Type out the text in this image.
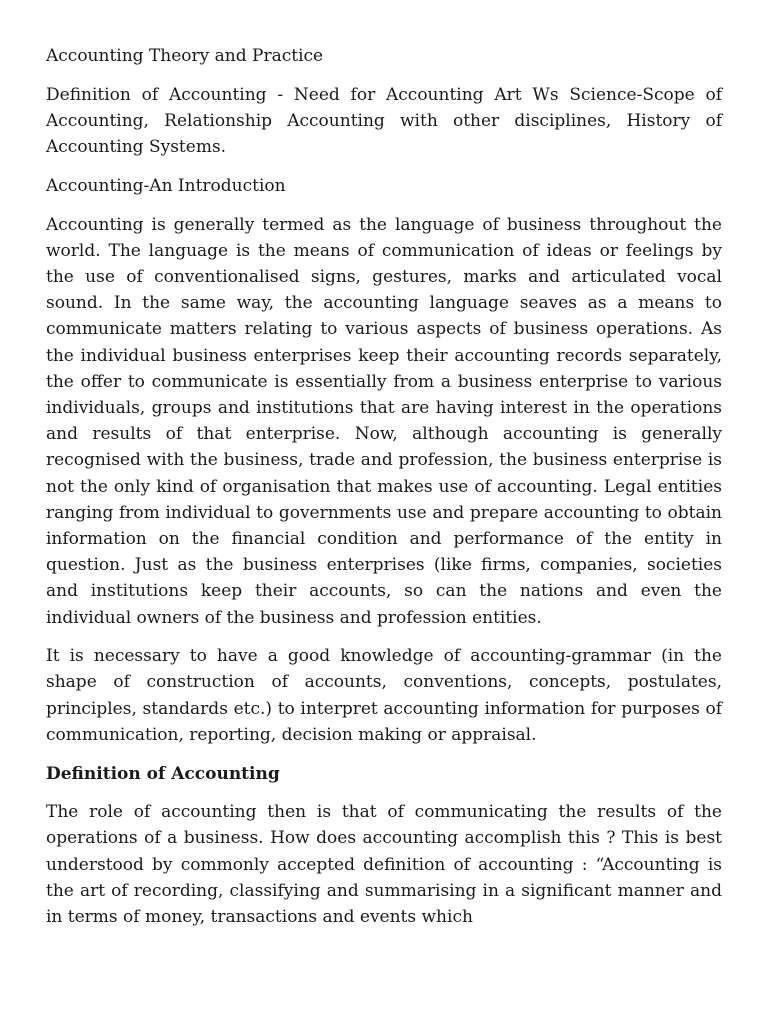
Accounting Theory and Practice

Definition of Accounting - Need for Accounting Art Ws Science-Scope of Accounting, Relationship Accounting with other disciplines, History of Accounting Systems.

Accounting-An Introduction

Accounting is generally termed as the language of business throughout the world. The language is the means of communication of ideas or feelings by the use of conventionalised signs, gestures, marks and articulated vocal sound. In the same way, the accounting language seaves as a means to communicate matters relating to various aspects of business operations. As the individual business enterprises keep their accounting records separately, the offer to communicate is essentially from a business enterprise to various individuals, groups and institutions that are having interest in the operations and results of that enterprise. Now, although accounting is generally recognised with the business, trade and profession, the business enterprise is not the only kind of organisation that makes use of accounting. Legal entities ranging from individual to governments use and prepare accounting to obtain information on the financial condition and performance of the entity in question. Just as the business enterprises (like firms, companies, societies and institutions keep their accounts, so can the nations and even the individual owners of the business and profession entities.

It is necessary to have a good knowledge of accounting-grammar (in the shape of construction of accounts, conventions, concepts, postulates, principles, standards etc.) to interpret accounting information for purposes of communication, reporting, decision making or appraisal.

Definition of Accounting

The role of accounting then is that of communicating the results of the operations of a business. How does accounting accomplish this ? This is best understood by commonly accepted definition of accounting : “Accounting is the art of recording, classifying and summarising in a significant manner and in terms of money, transactions and events which
